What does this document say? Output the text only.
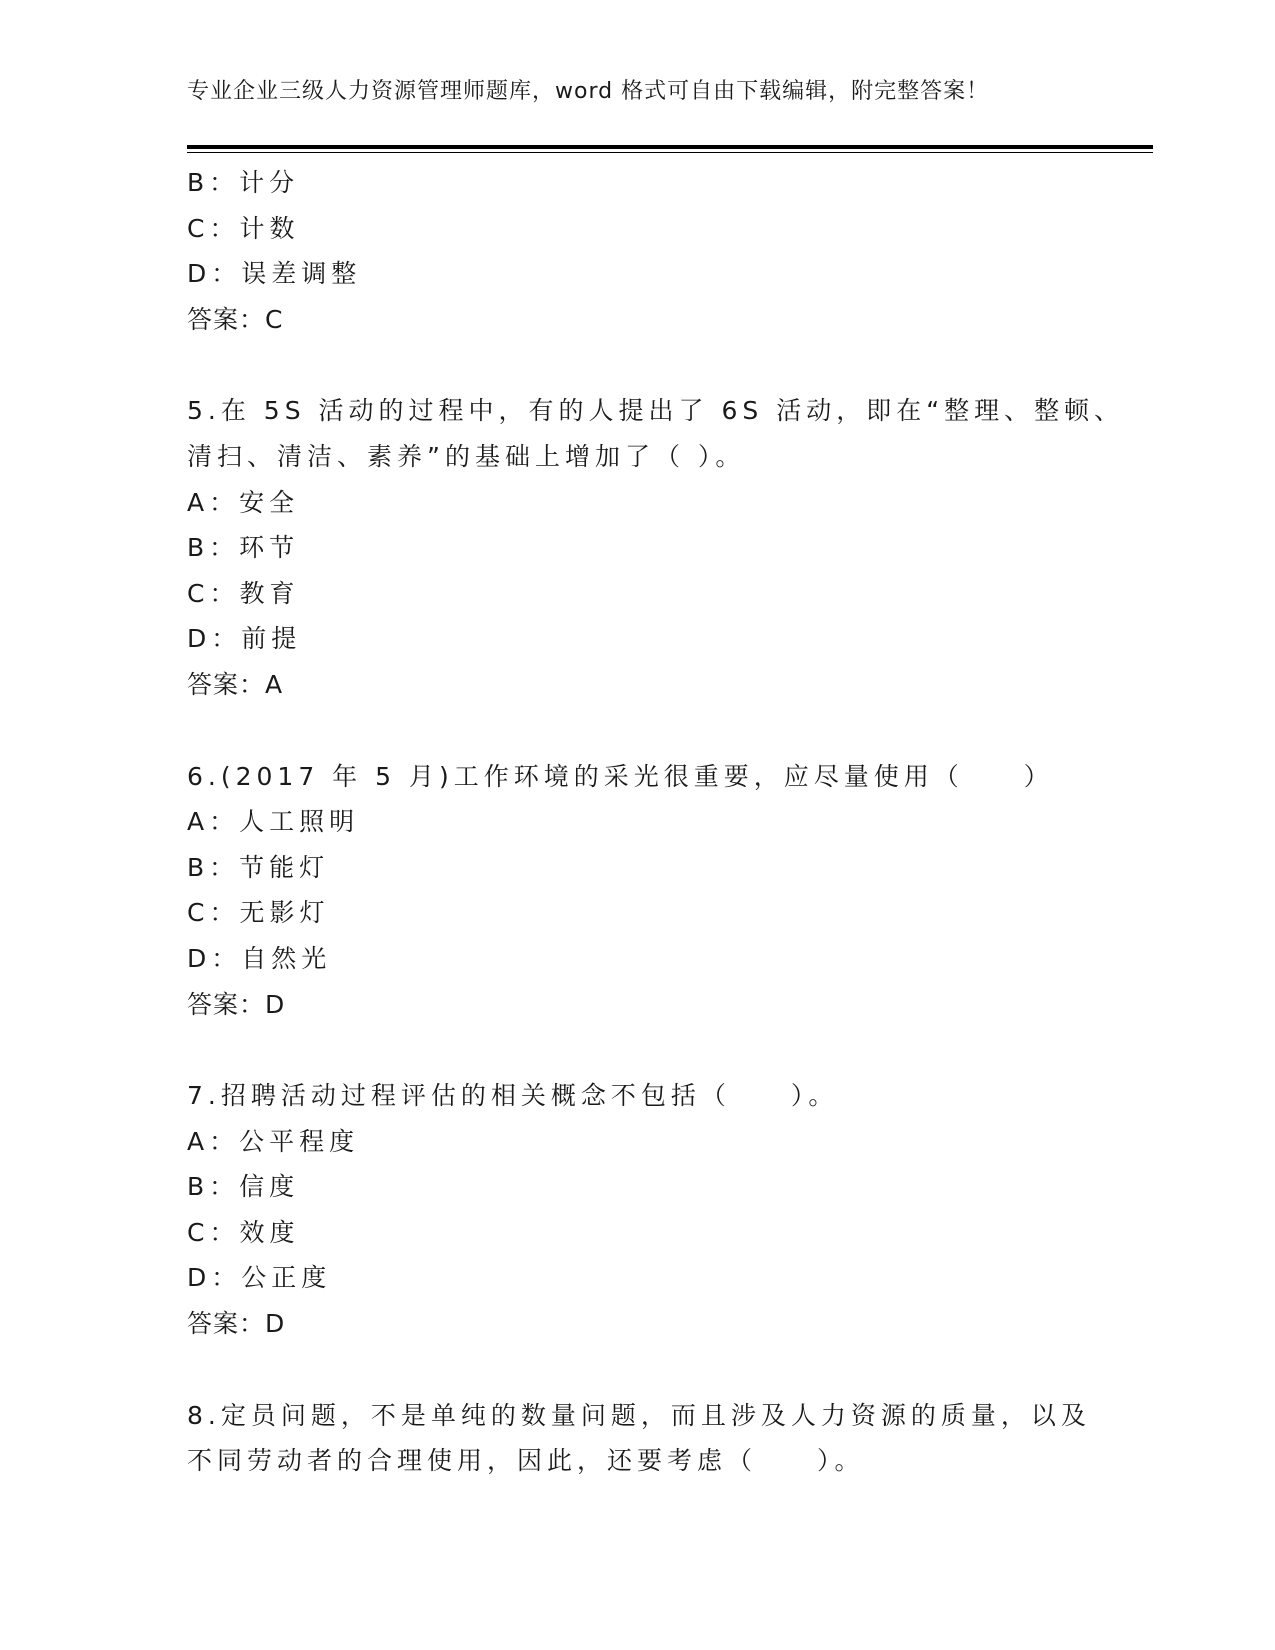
专业企业三级人力资源管理师题库，word 格式可自由下载编辑，附完整答案！
B：计分
C：计数
D：误差调整
答案：C
5.在 5S 活动的过程中，有的人提出了 6S 活动，即在“整理、整顿、
清扫、清洁、素养”的基础上增加了（ ）。
A：安全
B：环节
C：教育
D：前提
答案：A
6.(2017 年 5 月)工作环境的采光很重要，应尽量使用（　　）
A：人工照明
B：节能灯
C：无影灯
D：自然光
答案：D
7.招聘活动过程评估的相关概念不包括（　　）。
A：公平程度
B：信度
C：效度
D：公正度
答案：D
8.定员问题，不是单纯的数量问题，而且涉及人力资源的质量，以及
不同劳动者的合理使用，因此，还要考虑（　　）。
